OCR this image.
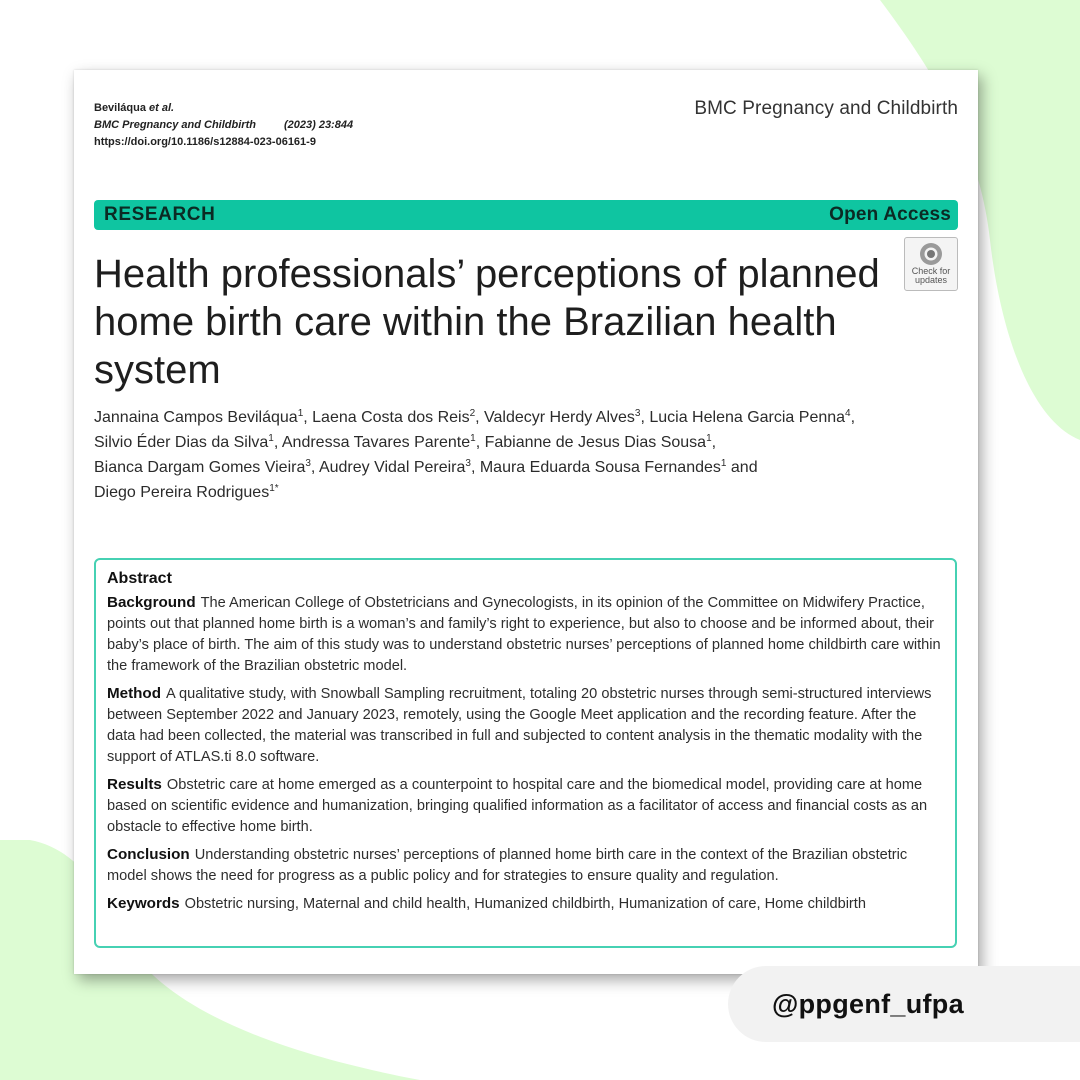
Beviláqua et al.
BMC Pregnancy and Childbirth	(2023) 23:844
https://doi.org/10.1186/s12884-023-06161-9
BMC Pregnancy and Childbirth
RESEARCH	Open Access
Check for
updates
Health professionals’ perceptions of planned home birth care within the Brazilian health system
Jannaina Campos Beviláqua$^1$, Laena Costa dos Reis$^2$, Valdecyr Herdy Alves$^3$, Lucia Helena Garcia Penna$^4$,
Silvio Éder Dias da Silva$^1$, Andressa Tavares Parente$^1$, Fabianne de Jesus Dias Sousa$^1$,
Bianca Dargam Gomes Vieira$^3$, Audrey Vidal Pereira$^3$, Maura Eduarda Sousa Fernandes$^1$ and
Diego Pereira Rodrigues$^{1*}$
Abstract
Background The American College of Obstetricians and Gynecologists, in its opinion of the Committee on Midwifery Practice, points out that planned home birth is a woman’s and family’s right to experience, but also to choose and be informed about, their baby’s place of birth. The aim of this study was to understand obstetric nurses’ perceptions of planned home childbirth care within the framework of the Brazilian obstetric model.
Method A qualitative study, with Snowball Sampling recruitment, totaling 20 obstetric nurses through semi-structured interviews between September 2022 and January 2023, remotely, using the Google Meet application and the recording feature. After the data had been collected, the material was transcribed in full and subjected to content analysis in the thematic modality with the support of ATLAS.ti 8.0 software.
Results Obstetric care at home emerged as a counterpoint to hospital care and the biomedical model, providing care at home based on scientific evidence and humanization, bringing qualified information as a facilitator of access and financial costs as an obstacle to effective home birth.
Conclusion Understanding obstetric nurses’ perceptions of planned home birth care in the context of the Brazilian obstetric model shows the need for progress as a public policy and for strategies to ensure quality and regulation.
Keywords Obstetric nursing, Maternal and child health, Humanized childbirth, Humanization of care, Home childbirth
@ppgenf_ufpa
